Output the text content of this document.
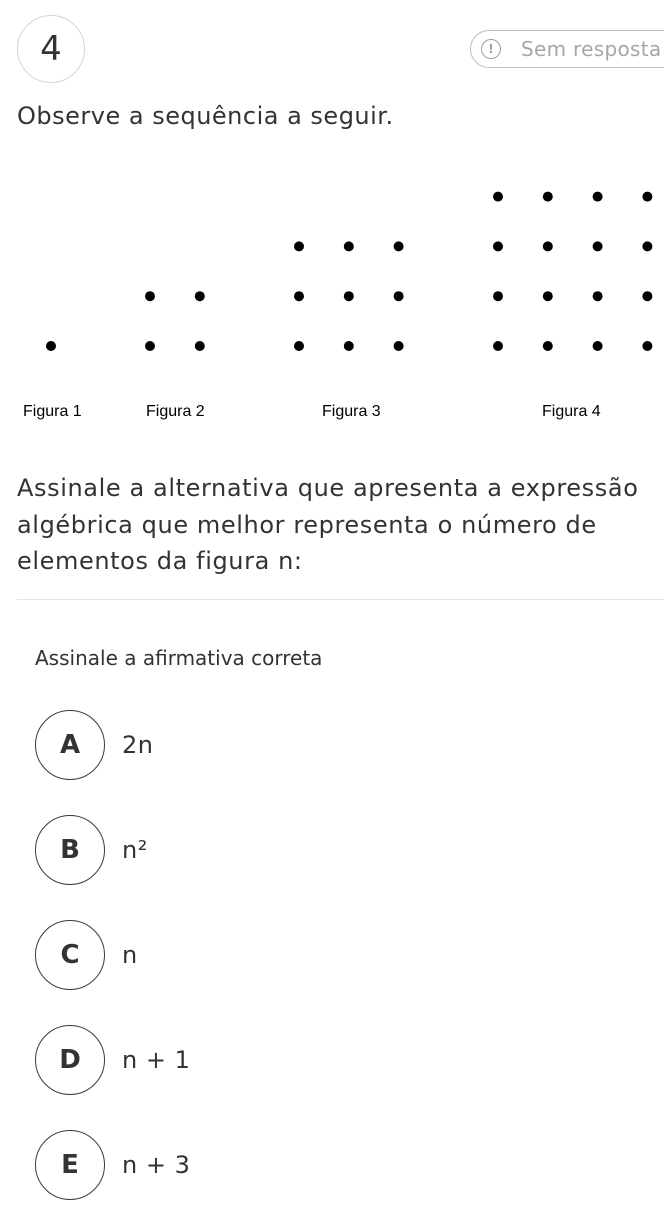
4	!	Sem resposta

Observe a sequência a seguir.

Figura 1	Figura 2	Figura 3	Figura 4

Assinale a alternativa que apresenta a expressão
algébrica que melhor representa o número de
elementos da figura n:

Assinale a afirmativa correta

A	2n
B	n²
C	n
D	n + 1
E	n + 3
